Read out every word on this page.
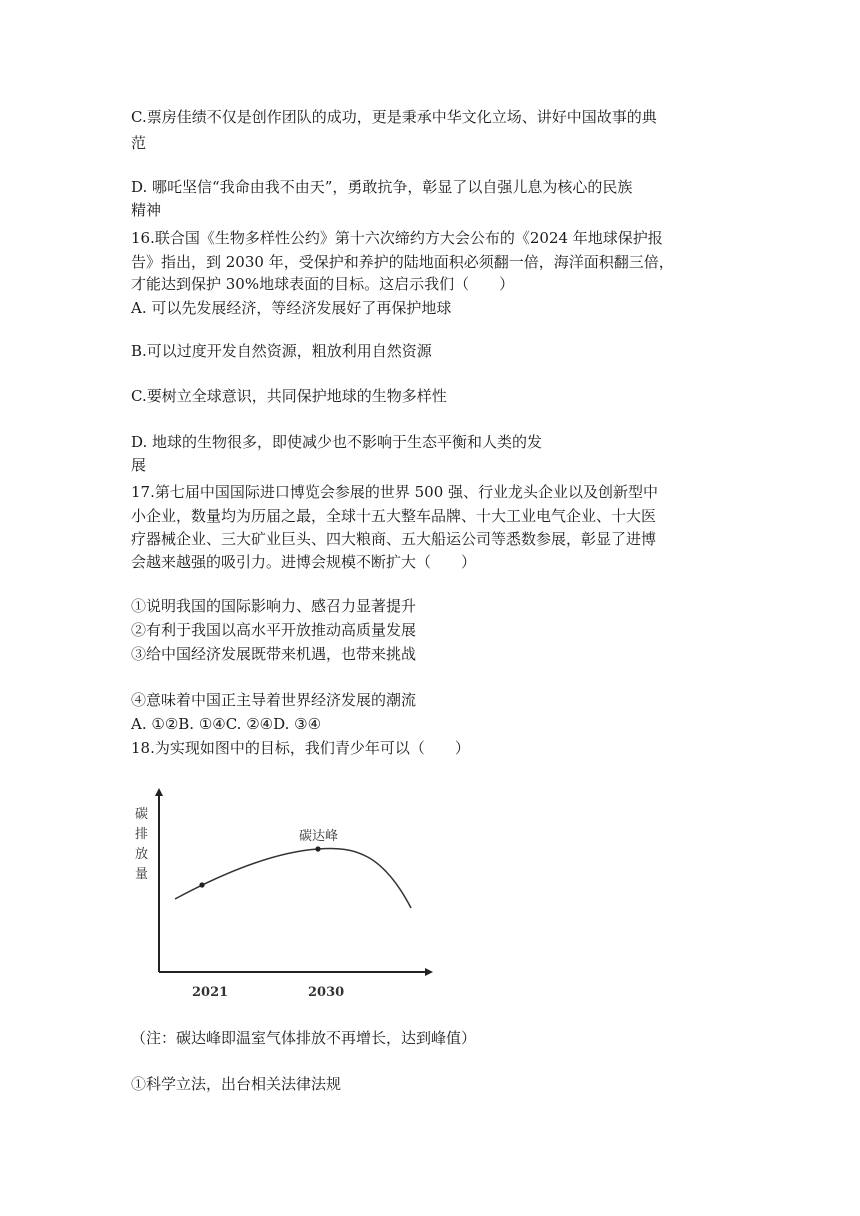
C.票房佳绩不仅是创作团队的成功，更是秉承中华文化立场、讲好中国故事的典
范
D. 哪吒坚信“我命由我不由天”，勇敢抗争，彰显了以自强儿息为核心的民族
精神
16.联合国《生物多样性公约》第十六次缔约方大会公布的《2024 年地球保护报
告》指出，到 2030 年，受保护和养护的陆地面积必须翻一倍，海洋面积翻三倍，
才能达到保护 30%地球表面的目标。这启示我们（　　）
A. 可以先发展经济，等经济发展好了再保护地球
B.可以过度开发自然资源，粗放利用自然资源
C.要树立全球意识，共同保护地球的生物多样性
D. 地球的生物很多，即使减少也不影响于生态平衡和人类的发
展
17.第七届中国国际进口博览会参展的世界 500 强、行业龙头企业以及创新型中
小企业，数量均为历届之最，全球十五大整车品牌、十大工业电气企业、十大医
疗器械企业、三大矿业巨头、四大粮商、五大船运公司等悉数参展，彰显了进博
会越来越强的吸引力。进博会规模不断扩大（　　）
①说明我国的国际影响力、感召力显著提升
②有利于我国以高水平开放推动高质量发展
③给中国经济发展既带来机遇，也带来挑战
④意味着中国正主导着世界经济发展的潮流
A. ①②B. ①④C. ②④D. ③④
18.为实现如图中的目标，我们青少年可以（　　）
碳排放量
碳达峰
2021	2030
（注：碳达峰即温室气体排放不再增长，达到峰值）
①科学立法，出台相关法律法规
